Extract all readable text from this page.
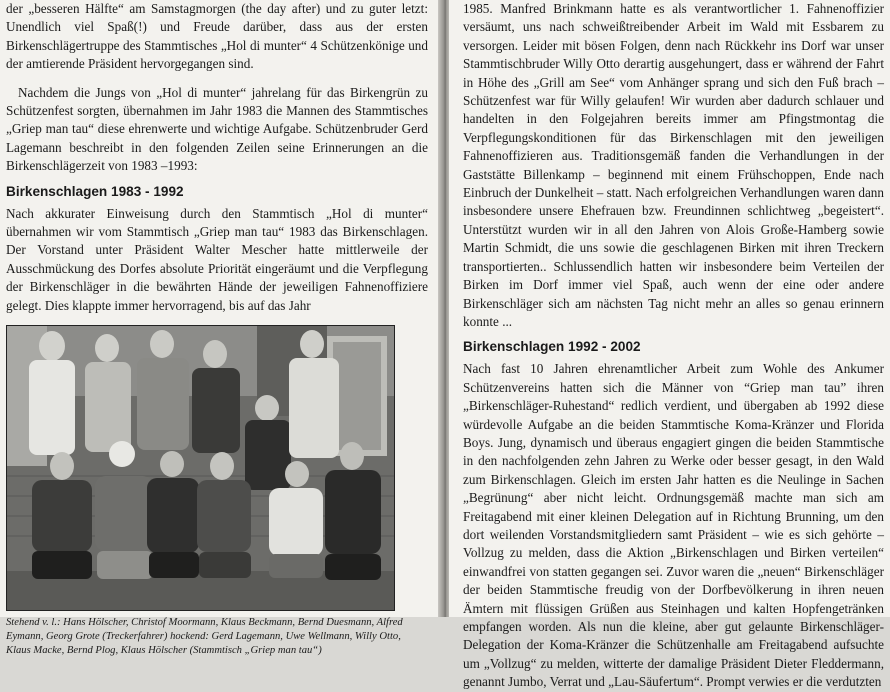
der „besseren Hälfte“ am Samstagmorgen (the day after) und zu guter letzt: Unendlich viel Spaß(!) und Freude darüber, dass aus der ersten Birkenschlägertruppe des Stammtisches „Hol di munter“ 4 Schützenkönige und der amtierende Präsident hervorgegangen sind.

Nachdem die Jungs von „Hol di munter“ jahrelang für das Birkengrün zu Schützenfest sorgten, übernahmen im Jahr 1983 die Mannen des Stammtisches „Griep man tau“ diese ehrenwerte und wichtige Aufgabe. Schützenbruder Gerd Lagemann beschreibt in den folgenden Zeilen seine Erinnerungen an die Birkenschlägerzeit von 1983 –1993:

Birkenschlagen 1983 - 1992

Nach akkurater Einweisung durch den Stammtisch „Hol di munter“ übernahmen wir vom Stammtisch „Griep man tau“ 1983 das Birkenschlagen. Der Vorstand unter Präsident Walter Mescher hatte mittlerweile der Ausschmückung des Dorfes absolute Priorität eingeräumt und die Verpflegung der Birkenschläger in die bewährten Hände der jeweiligen Fahnenoffiziere gelegt. Dies klappte immer hervorragend, bis auf das Jahr

Stehend v. l.: Hans Hölscher, Christof Moormann, Klaus Beckmann, Bernd Duesmann, Alfred Eymann, Georg Grote (Treckerfahrer) hockend: Gerd Lagemann, Uwe Wellmann, Willy Otto, Klaus Macke, Bernd Plog, Klaus Hölscher (Stammtisch „Griep man tau“)

1985. Manfred Brinkmann hatte es als verantwortlicher 1. Fahnenoffizier versäumt, uns nach schweißtreibender Arbeit im Wald mit Essbarem zu versorgen. Leider mit bösen Folgen, denn nach Rückkehr ins Dorf war unser Stammtischbruder Willy Otto derartig ausgehungert, dass er während der Fahrt in Höhe des „Grill am See“ vom Anhänger sprang und sich den Fuß brach – Schützenfest war für Willy gelaufen! Wir wurden aber dadurch schlauer und handelten in den Folgejahren bereits immer am Pfingstmontag die Verpflegungskonditionen für das Birkenschlagen mit den jeweiligen Fahnenoffizieren aus. Traditionsgemäß fanden die Verhandlungen in der Gaststätte Billenkamp – beginnend mit einem Frühschoppen, Ende nach Einbruch der Dunkelheit – statt. Nach erfolgreichen Verhandlungen waren dann insbesondere unsere Ehefrauen bzw. Freundinnen schlichtweg „begeistert“. Unterstützt wurden wir in all den Jahren von Alois Große-Hamberg sowie Martin Schmidt, die uns sowie die geschlagenen Birken mit ihren Treckern transportierten.. Schlussendlich hatten wir insbesondere beim Verteilen der Birken im Dorf immer viel Spaß, auch wenn der eine oder andere Birkenschläger sich am nächsten Tag nicht mehr an alles so genau erinnern konnte ...

Birkenschlagen 1992 - 2002

Nach fast 10 Jahren ehrenamtlicher Arbeit zum Wohle des Ankumer Schützenvereins hatten sich die Männer von “Griep man tau” ihren „Birkenschläger-Ruhestand“ redlich verdient, und übergaben ab 1992 diese würdevolle Aufgabe an die beiden Stammtische Koma-Kränzer und Florida Boys. Jung, dynamisch und überaus engagiert gingen die beiden Stammtische in den nachfolgenden zehn Jahren zu Werke oder besser gesagt, in den Wald zum Birkenschlagen. Gleich im ersten Jahr hatten es die Neulinge in Sachen „Begrünung“ aber nicht leicht. Ordnungsgemäß machte man sich am Freitagabend mit einer kleinen Delegation auf in Richtung Brunning, um den dort weilenden Vorstandsmitgliedern samt Präsident – wie es sich gehörte – Vollzug zu melden, dass die Aktion „Birkenschlagen und Birken verteilen“ einwandfrei von statten gegangen sei. Zuvor waren die „neuen“ Birkenschläger der beiden Stammtische freudig von der Dorfbevölkerung in ihren neuen Ämtern mit flüssigen Grüßen aus Steinhagen und kalten Hopfengetränken empfangen worden. Als nun die kleine, aber gut gelaunte Birkenschläger-Delegation der Koma-Kränzer die Schützenhalle am Freitagabend aufsuchte um „Vollzug“ zu melden, witterte der damalige Präsident Dieter Fleddermann, genannt Jumbo, Verrat und „Lau-Säufertum“. Prompt verwies er die verdutzten
